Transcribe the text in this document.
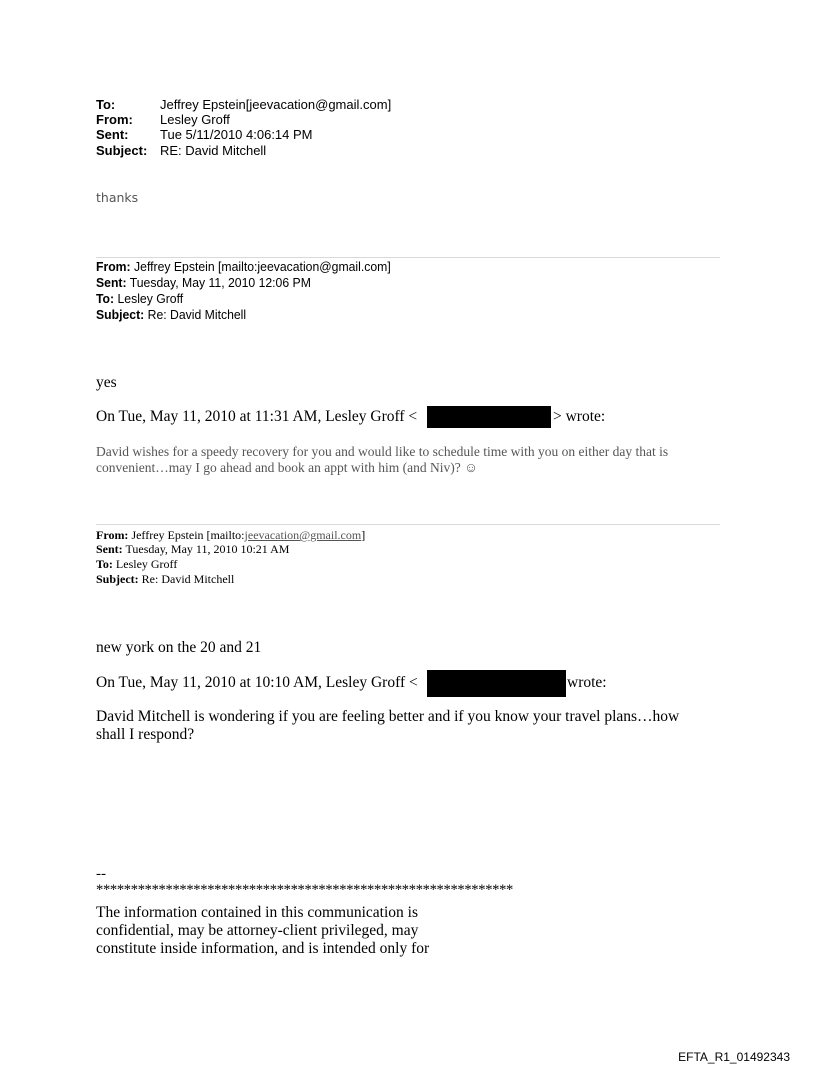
To:	Jeffrey Epstein[jeevacation@gmail.com]
From: Lesley Groff
Sent: Tue 5/11/2010 4:06:14 PM
Subject: RE: David Mitchell
thanks
From: Jeffrey Epstein [mailto:jeevacation@gmail.com]
Sent: Tuesday, May 11, 2010 12:06 PM
To: Lesley Groff
Subject: Re: David Mitchell
yes
On Tue, May 11, 2010 at 11:31 AM, Lesley Groff <	> wrote:
David wishes for a speedy recovery for you and would like to schedule time with you on either day that is
convenient…may I go ahead and book an appt with him (and Niv)? ☺
From: Jeffrey Epstein [mailto:jeevacation@gmail.com]
Sent: Tuesday, May 11, 2010 10:21 AM
To: Lesley Groff
Subject: Re: David Mitchell
new york on the 20 and 21
On Tue, May 11, 2010 at 10:10 AM, Lesley Groff <	wrote:
David Mitchell is wondering if you are feeling better and if you know your travel plans…how
shall I respond?
--
************************************************************
The information contained in this communication is
confidential, may be attorney-client privileged, may
constitute inside information, and is intended only for
EFTA_R1_01492343
